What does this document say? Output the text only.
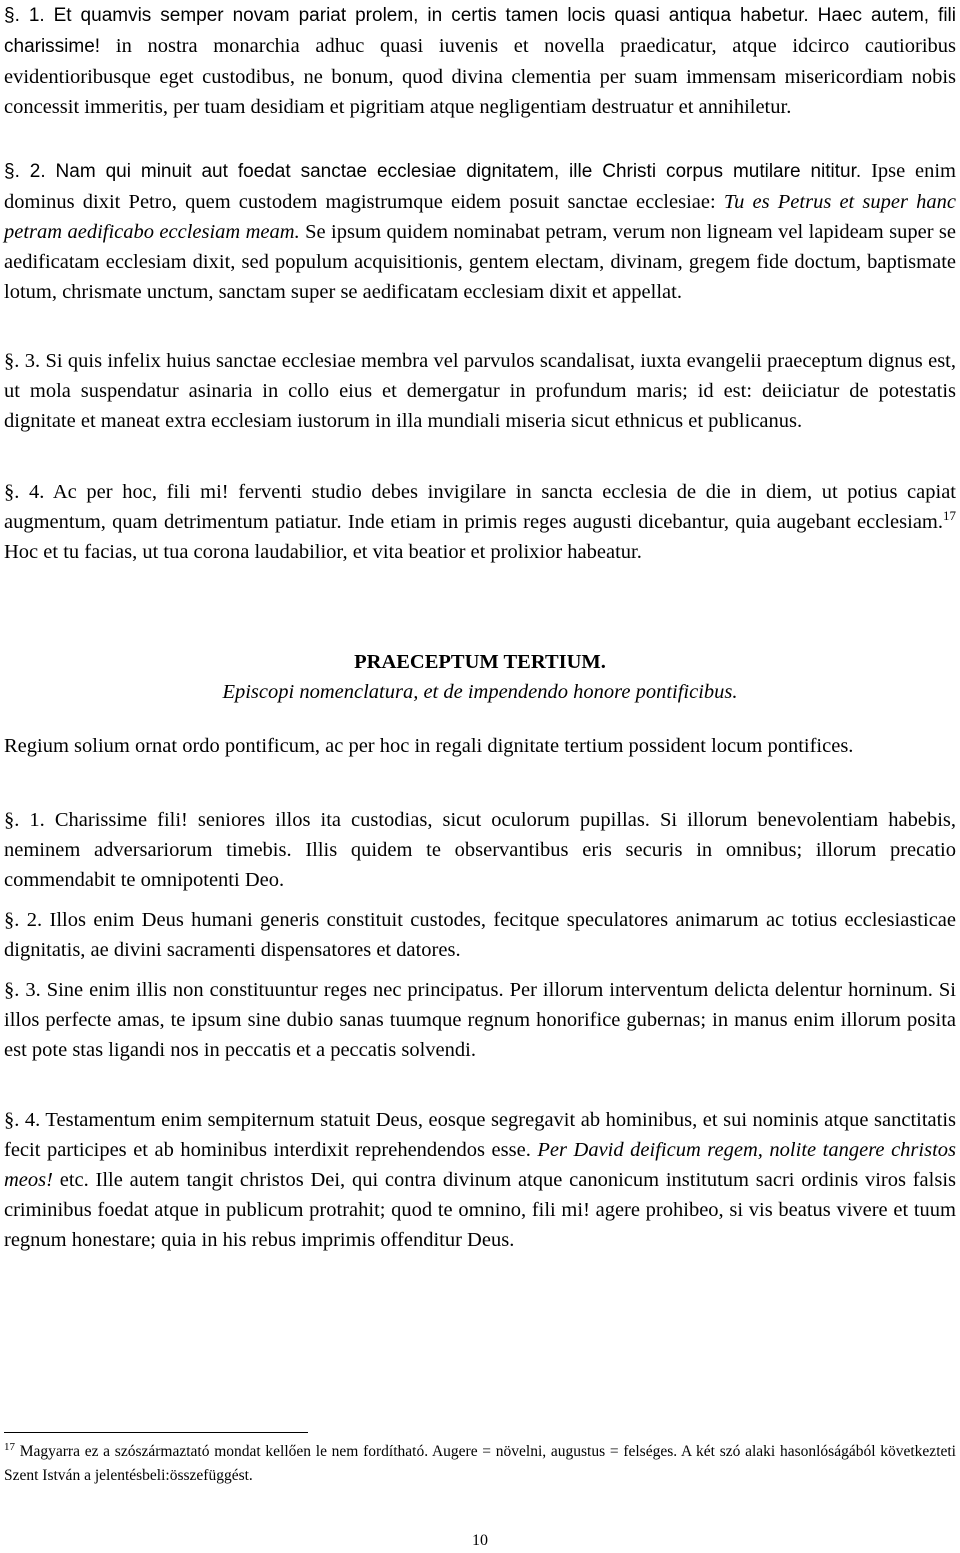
§. 1. Et quamvis semper novam pariat prolem, in certis tamen locis quasi antiqua habetur. Haec autem, fili charissime! in nostra monarchia adhuc quasi iuvenis et novella praedicatur, atque idcirco cautioribus evidentioribusque eget custodibus, ne bonum, quod divina clementia per suam immensam misericordiam nobis concessit immeritis, per tuam desidiam et pigritiam atque negligentiam destruatur et annihiletur.

§. 2. Nam qui minuit aut foedat sanctae ecclesiae dignitatem, ille Christi corpus mutilare nititur. Ipse enim dominus dixit Petro, quem custodem magistrumque eidem posuit sanctae ecclesiae: Tu es Petrus et super hanc petram aedificabo ecclesiam meam. Se ipsum quidem nominabat petram, verum non ligneam vel lapideam super se aedificatam ecclesiam dixit, sed populum acquisitionis, gentem electam, divinam, gregem fide doctum, baptismate lotum, chrismate unctum, sanctam super se aedificatam ecclesiam dixit et appellat.

§. 3. Si quis infelix huius sanctae ecclesiae membra vel parvulos scandalisat, iuxta evangelii praeceptum dignus est, ut mola suspendatur asinaria in collo eius et demergatur in profundum maris; id est: deiiciatur de potestatis dignitate et maneat extra ecclesiam iustorum in illa mundiali miseria sicut ethnicus et publicanus.

§. 4. Ac per hoc, fili mi! ferventi studio debes invigilare in sancta ecclesia de die in diem, ut potius capiat augmentum, quam detrimentum patiatur. Inde etiam in primis reges augusti dicebantur, quia augebant ecclesiam.$^{17}$ Hoc et tu facias, ut tua corona laudabilior, et vita beatior et prolixior habeatur.

PRAECEPTUM TERTIUM.

Episcopi nomenclatura, et de impendendo honore pontificibus.

Regium solium ornat ordo pontificum, ac per hoc in regali dignitate tertium possident locum pontifices.

§. 1. Charissime fili! seniores illos ita custodias, sicut oculorum pupillas. Si illorum benevolentiam habebis, neminem adversariorum timebis. Illis quidem te observantibus eris securis in omnibus; illorum precatio commendabit te omnipotenti Deo.

§. 2. Illos enim Deus humani generis constituit custodes, fecitque speculatores animarum ac totius ecclesiasticae dignitatis, ae divini sacramenti dispensatores et datores.

§. 3. Sine enim illis non constituuntur reges nec principatus. Per illorum interventum delicta delentur horninum. Si illos perfecte amas, te ipsum sine dubio sanas tuumque regnum honorifice gubernas; in manus enim illorum posita est pote stas ligandi nos in peccatis et a peccatis solvendi.

§. 4. Testamentum enim sempiternum statuit Deus, eosque segregavit ab hominibus, et sui nominis atque sanctitatis fecit participes et ab hominibus interdixit reprehendendos esse. Per David deificum regem, nolite tangere christos meos! etc. Ille autem tangit christos Dei, qui contra divinum atque canonicum institutum sacri ordinis viros falsis criminibus foedat atque in publicum protrahit; quod te omnino, fili mi! agere prohibeo, si vis beatus vivere et tuum regnum honestare; quia in his rebus imprimis offenditur Deus.

$^{17}$ Magyarra ez a szószármaztató mondat kellően le nem fordítható. Augere = növelni, augustus = felséges. A két szó alaki hasonlóságából következteti Szent István a jelentésbeli:összefüggést.

10
